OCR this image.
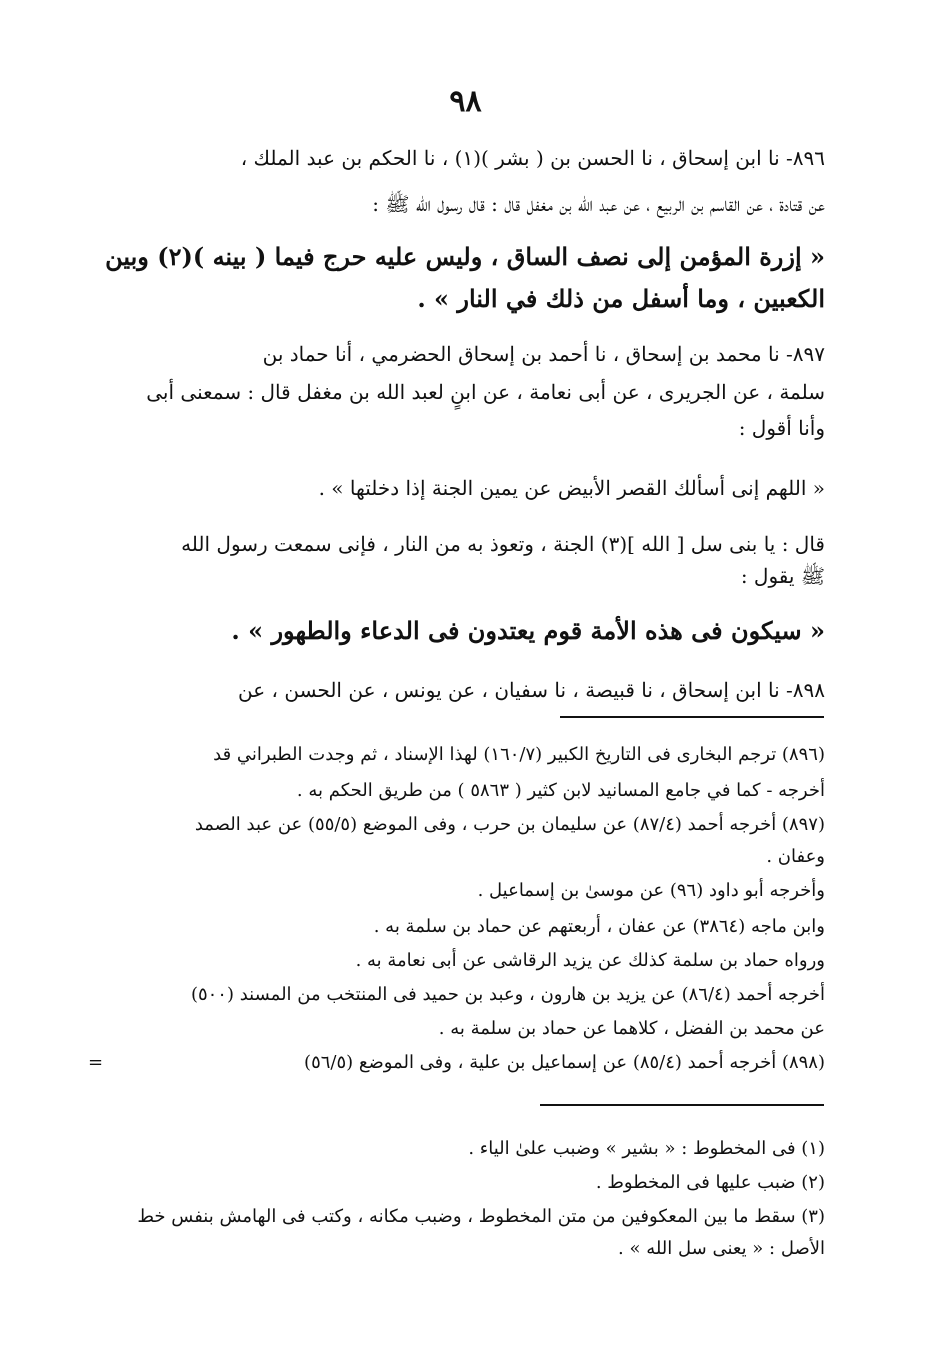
٩٨
٨٩٦- نا ابن إسحاق ، نا الحسن بن ( بشر )(١) ، نا الحكم بن عبد الملك ،
عن قتادة ، عن القاسم بن الربيع ، عن عبد الله بن مغفل قال : قال رسول الله ﷺ :
« إزرة المؤمن إلى نصف الساق ، وليس عليه حرج فيما ( بينه )(٢) وبين
الكعبين ، وما أسفل من ذلك في النار » .
٨٩٧- نا محمد بن إسحاق ، نا أحمد بن إسحاق الحضرمي ، أنا حماد بن
سلمة ، عن الجريرى ، عن أبى نعامة ، عن ابنٍ لعبد الله بن مغفل قال : سمعنى أبى
وأنا أقول :
« اللهم إنى أسألك القصر الأبيض عن يمين الجنة إذا دخلتها » .
قال : يا بنى سل [ الله ](٣) الجنة ، وتعوذ به من النار ، فإنى سمعت رسول الله
ﷺ يقول :
« سيكون فى هذه الأمة قوم يعتدون فى الدعاء والطهور » .
٨٩٨- نا ابن إسحاق ، نا قبيصة ، نا سفيان ، عن يونس ، عن الحسن ، عن
(٨٩٦) ترجم البخارى فى التاريخ الكبير (١٦٠/٧) لهذا الإسناد ، ثم وجدت الطبراني قد
أخرجه - كما في جامع المسانيد لابن كثير ( ٥٨٦٣ ) من طريق الحكم به .
(٨٩٧) أخرجه أحمد (٨٧/٤) عن سليمان بن حرب ، وفى الموضع (٥٥/٥) عن عبد الصمد
وعفان .
وأخرجه أبو داود (٩٦) عن موسىٰ بن إسماعيل .
وابن ماجه (٣٨٦٤) عن عفان ، أربعتهم عن حماد بن سلمة به .
ورواه حماد بن سلمة كذلك عن يزيد الرقاشى عن أبى نعامة به .
أخرجه أحمد (٨٦/٤) عن يزيد بن هارون ، وعبد بن حميد فى المنتخب من المسند (٥٠٠)
عن محمد بن الفضل ، كلاهما عن حماد بن سلمة به .
(٨٩٨) أخرجه أحمد (٨٥/٤) عن إسماعيل بن علية ، وفى الموضع (٥٦/٥)
=
(١) فى المخطوط : « بشير » وضبب علىٰ الياء .
(٢) ضبب عليها فى المخطوط .
(٣) سقط ما بين المعكوفين من متن المخطوط ، وضبب مكانه ، وكتب فى الهامش بنفس خط
الأصل : « يعنى سل الله » .
